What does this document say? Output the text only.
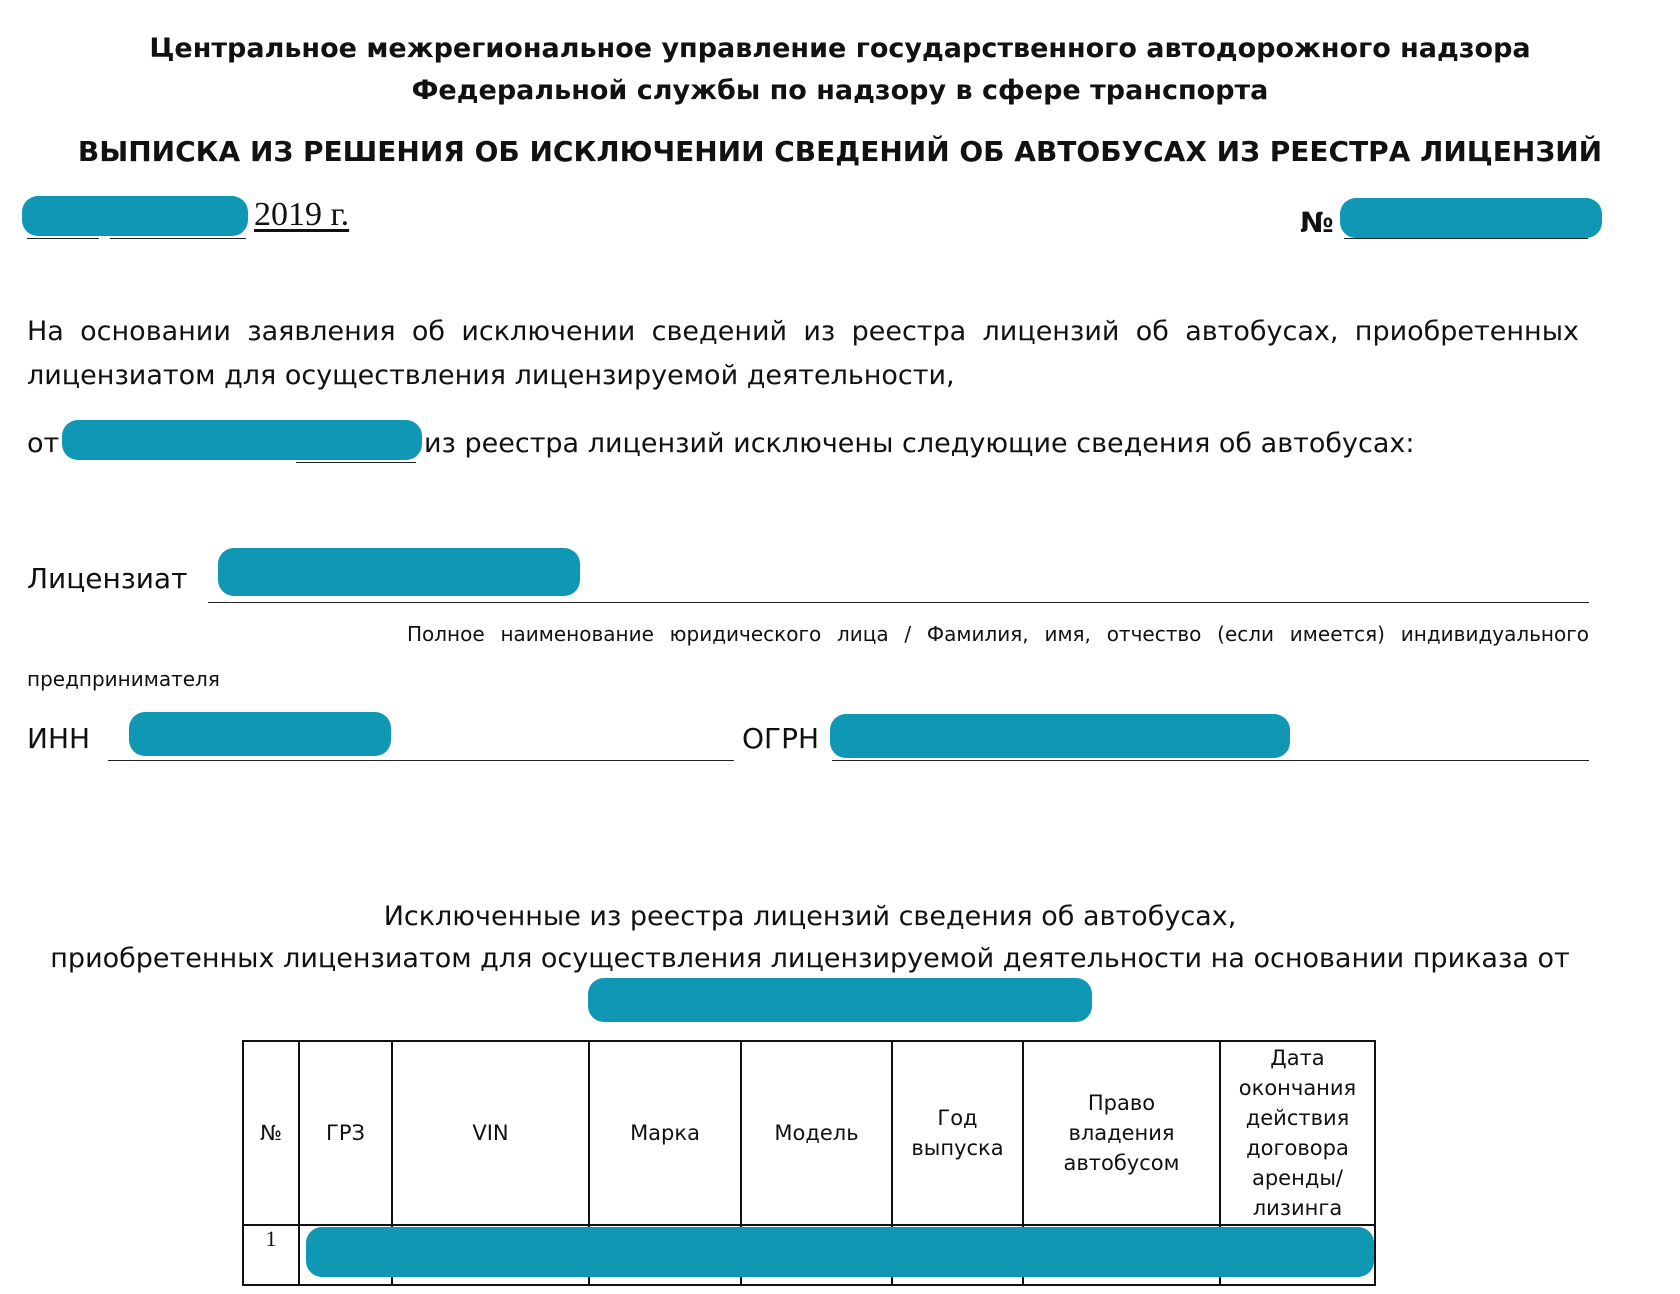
Центральное межрегиональное управление государственного автодорожного надзора Федеральной службы по надзору в сфере транспорта
ВЫПИСКА ИЗ РЕШЕНИЯ ОБ ИСКЛЮЧЕНИИ СВЕДЕНИЙ ОБ АВТОБУСАХ ИЗ РЕЕСТРА ЛИЦЕНЗИЙ
2019 г.	№
На основании заявления об исключении сведений из реестра лицензий об автобусах, приобретенных лицензиатом для осуществления лицензируемой деятельности,
от	из реестра лицензий исключены следующие сведения об автобусах:
Лицензиат
Полное наименование юридического лица / Фамилия, имя, отчество (если имеется) индивидуального
предпринимателя
ИНН	ОГРН
Исключенные из реестра лицензий сведения об автобусах,
приобретенных лицензиатом для осуществления лицензируемой деятельности на основании приказа от
№	ГРЗ	VIN	Марка	Модель	Год выпуска	Право владения автобусом	Дата окончания действия договора аренды/ лизинга
1							
